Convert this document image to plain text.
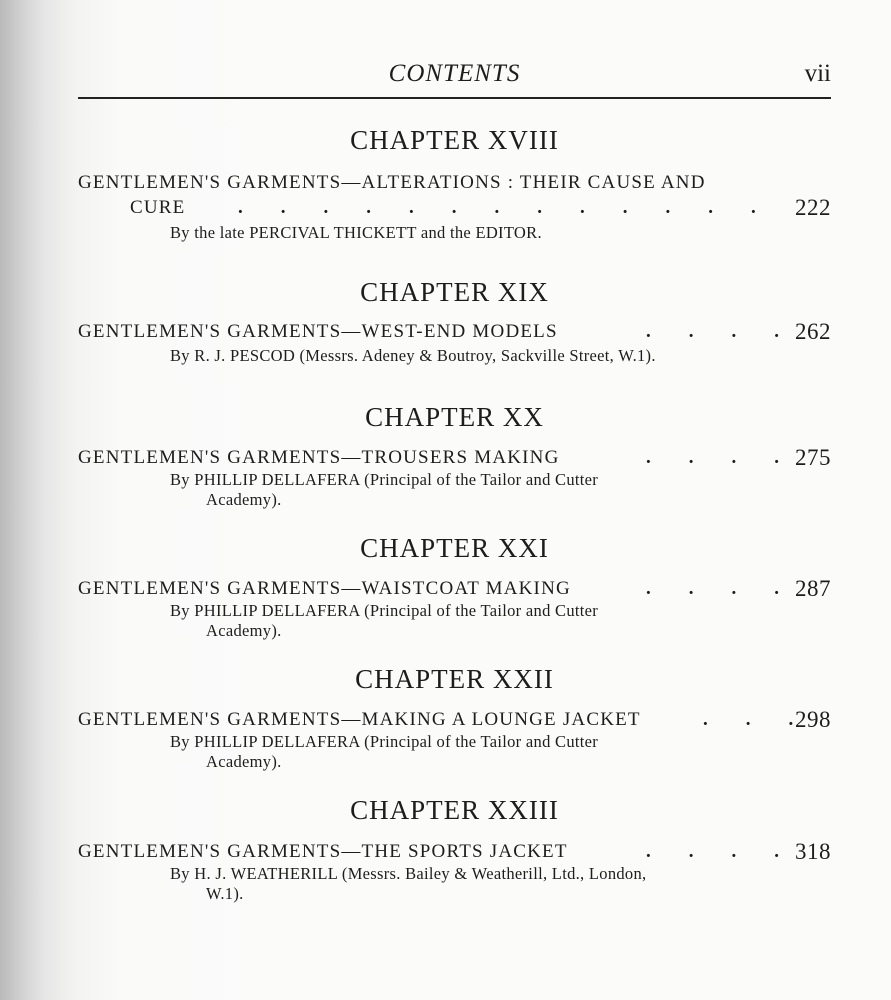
CONTENTS	vii
CHAPTER XVIII
GENTLEMEN'S GARMENTS—ALTERATIONS : THEIR CAUSE AND
CURE	.        .        .        .        .        .        .        .        .        .        .        .        . 222
By the late PERCIVAL THICKETT and the EDITOR.
CHAPTER XIX
GENTLEMEN'S GARMENTS—WEST-END MODELS	.        .        .        . 262
By R. J. PESCOD (Messrs. Adeney & Boutroy, Sackville Street, W.1).
CHAPTER XX
GENTLEMEN'S GARMENTS—TROUSERS MAKING	.        .        .        . 275
By PHILLIP DELLAFERA (Principal of the Tailor and Cutter
Academy).
CHAPTER XXI
GENTLEMEN'S GARMENTS—WAISTCOAT MAKING	.        .        .        . 287
By PHILLIP DELLAFERA (Principal of the Tailor and Cutter
Academy).
CHAPTER XXII
GENTLEMEN'S GARMENTS—MAKING A LOUNGE JACKET	.        .        . 298
By PHILLIP DELLAFERA (Principal of the Tailor and Cutter
Academy).
CHAPTER XXIII
GENTLEMEN'S GARMENTS—THE SPORTS JACKET	.        .        .        . 318
By H. J. WEATHERILL (Messrs. Bailey & Weatherill, Ltd., London,
W.1).
